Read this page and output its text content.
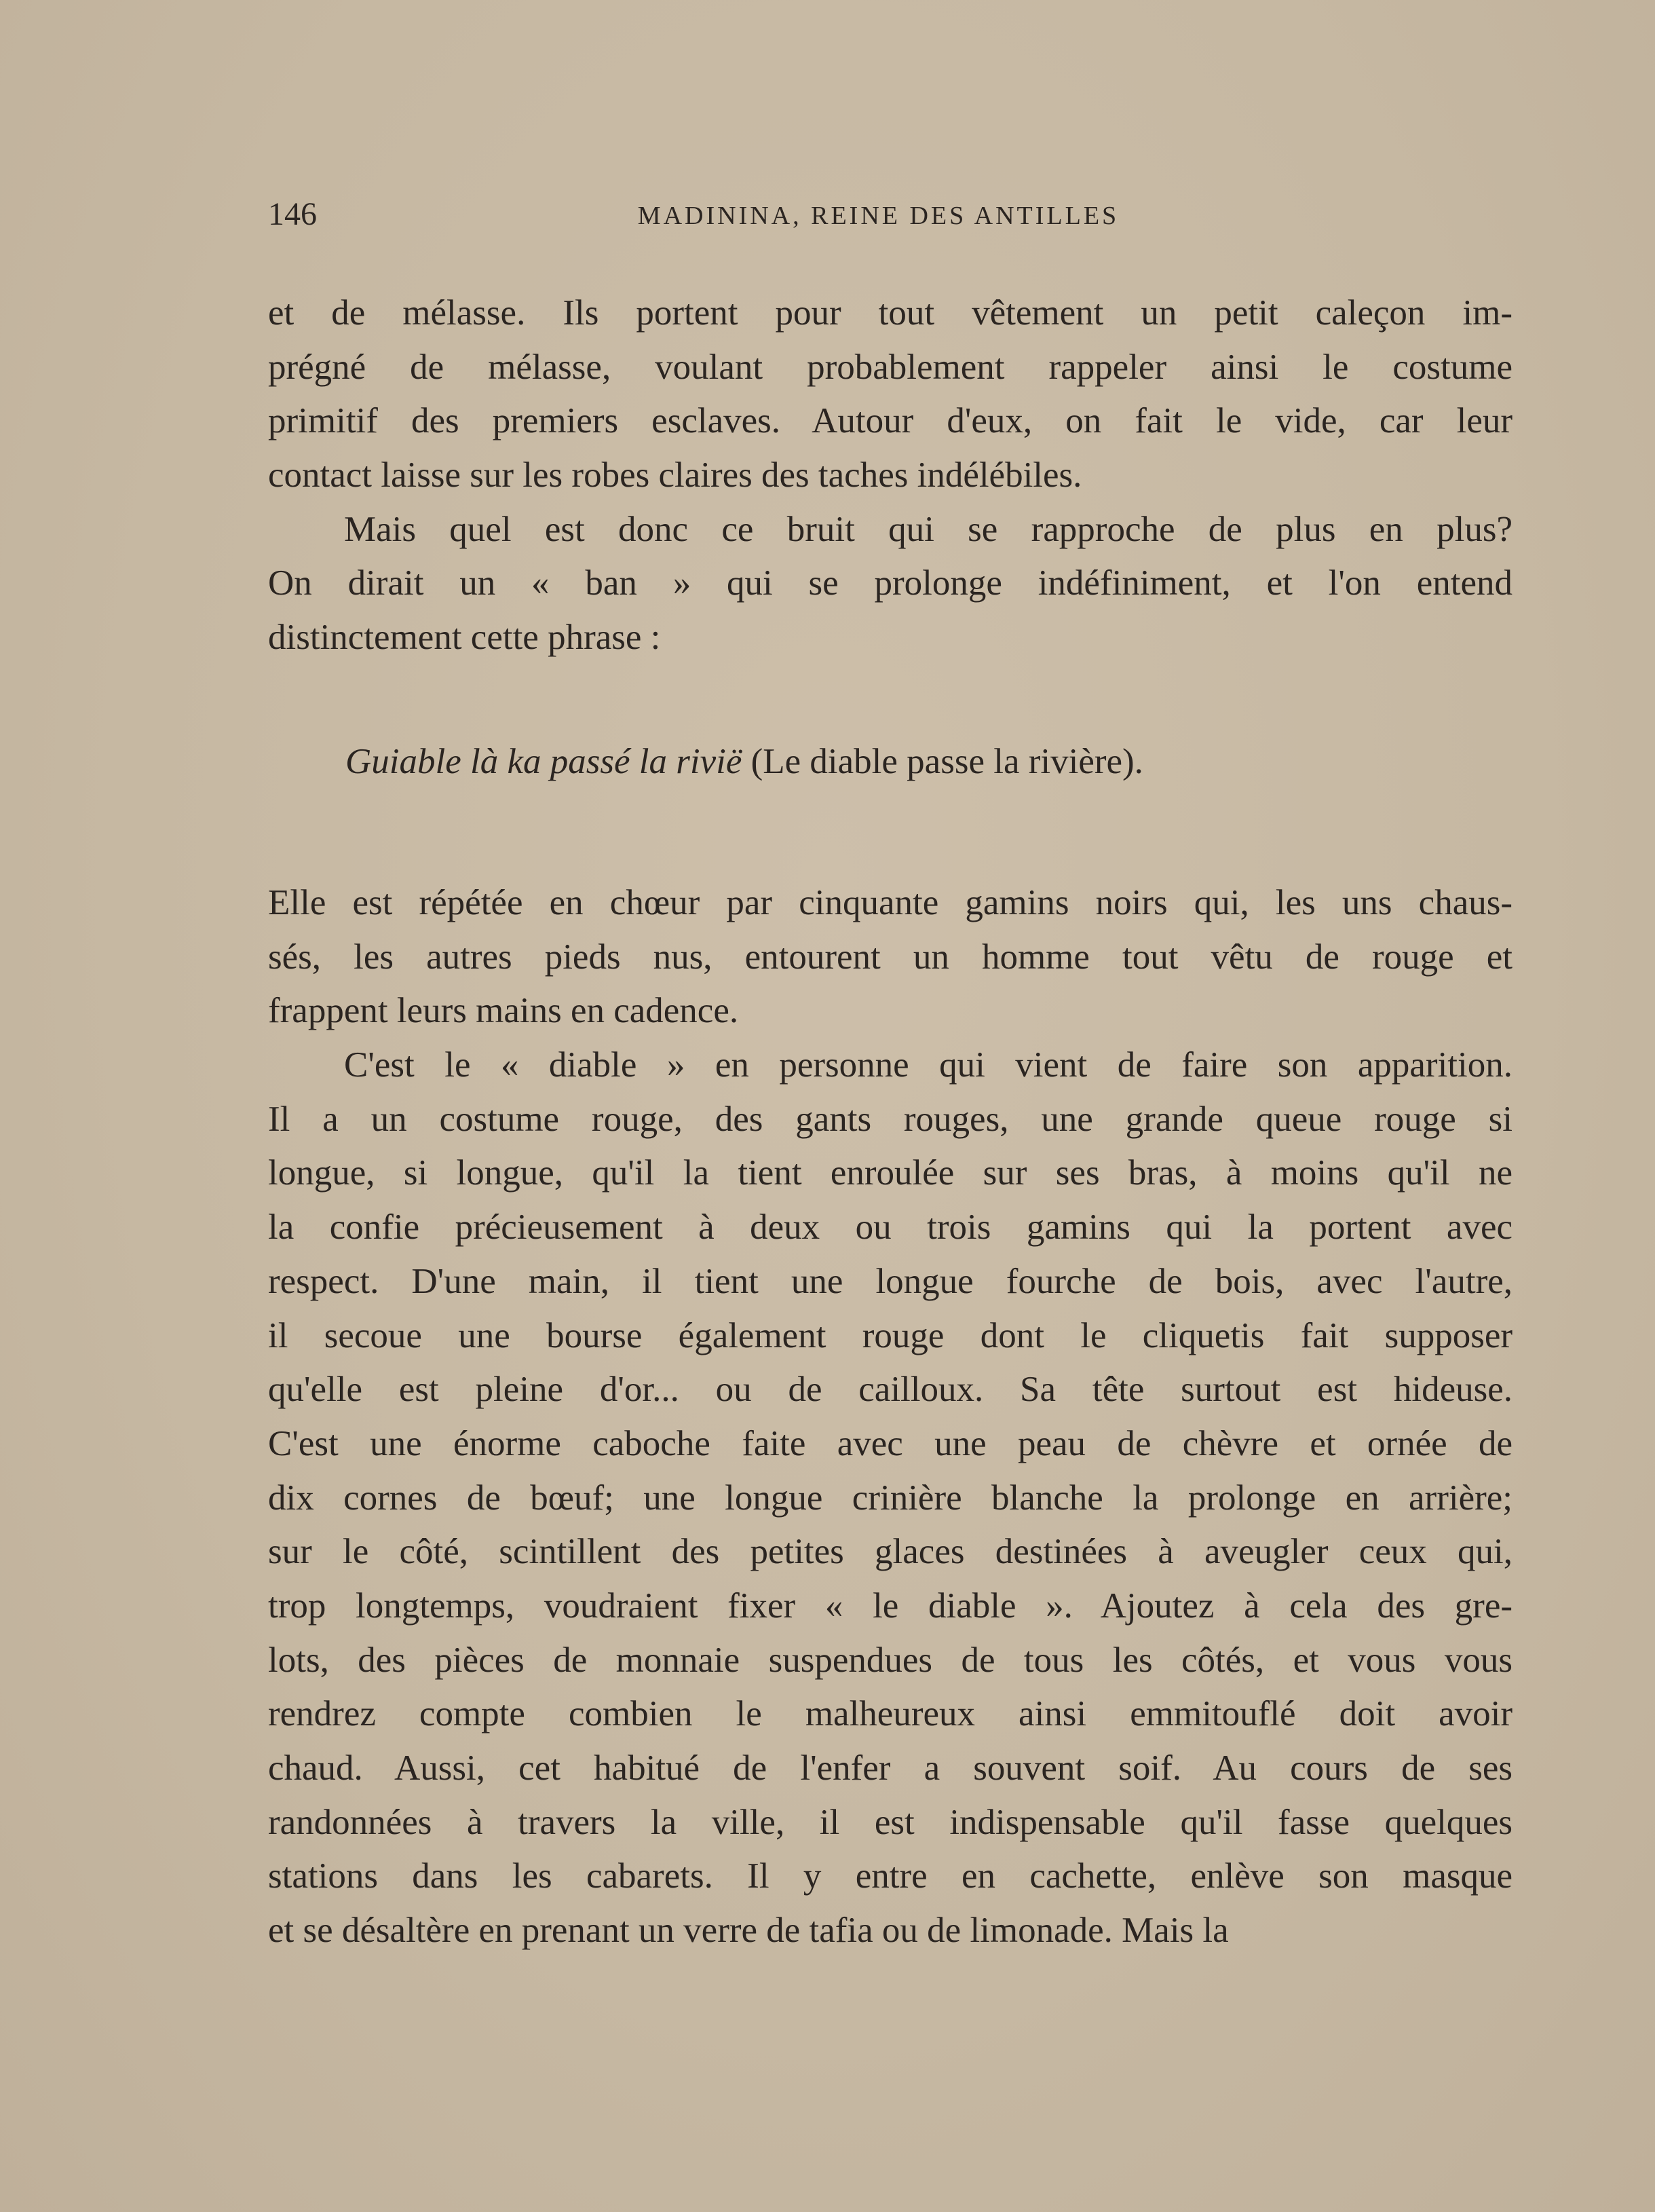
146	MADININA, REINE DES ANTILLES
et de mélasse. Ils portent pour tout vêtement un petit caleçon im-
prégné de mélasse, voulant probablement rappeler ainsi le costume
primitif des premiers esclaves. Autour d'eux, on fait le vide, car leur
contact laisse sur les robes claires des taches indélébiles.
Mais quel est donc ce bruit qui se rapproche de plus en plus?
On dirait un « ban » qui se prolonge indéfiniment, et l'on entend
distinctement cette phrase :
Guiable là ka passé la rivië (Le diable passe la rivière).
Elle est répétée en chœur par cinquante gamins noirs qui, les uns chaus-
sés, les autres pieds nus, entourent un homme tout vêtu de rouge et
frappent leurs mains en cadence.
C'est le « diable » en personne qui vient de faire son apparition.
Il a un costume rouge, des gants rouges, une grande queue rouge si
longue, si longue, qu'il la tient enroulée sur ses bras, à moins qu'il ne
la confie précieusement à deux ou trois gamins qui la portent avec
respect. D'une main, il tient une longue fourche de bois, avec l'autre,
il secoue une bourse également rouge dont le cliquetis fait supposer
qu'elle est pleine d'or... ou de cailloux. Sa tête surtout est hideuse.
C'est une énorme caboche faite avec une peau de chèvre et ornée de
dix cornes de bœuf; une longue crinière blanche la prolonge en arrière;
sur le côté, scintillent des petites glaces destinées à aveugler ceux qui,
trop longtemps, voudraient fixer « le diable ». Ajoutez à cela des gre-
lots, des pièces de monnaie suspendues de tous les côtés, et vous vous
rendrez compte combien le malheureux ainsi emmitouflé doit avoir
chaud. Aussi, cet habitué de l'enfer a souvent soif. Au cours de ses
randonnées à travers la ville, il est indispensable qu'il fasse quelques
stations dans les cabarets. Il y entre en cachette, enlève son masque
et se désaltère en prenant un verre de tafia ou de limonade. Mais la
